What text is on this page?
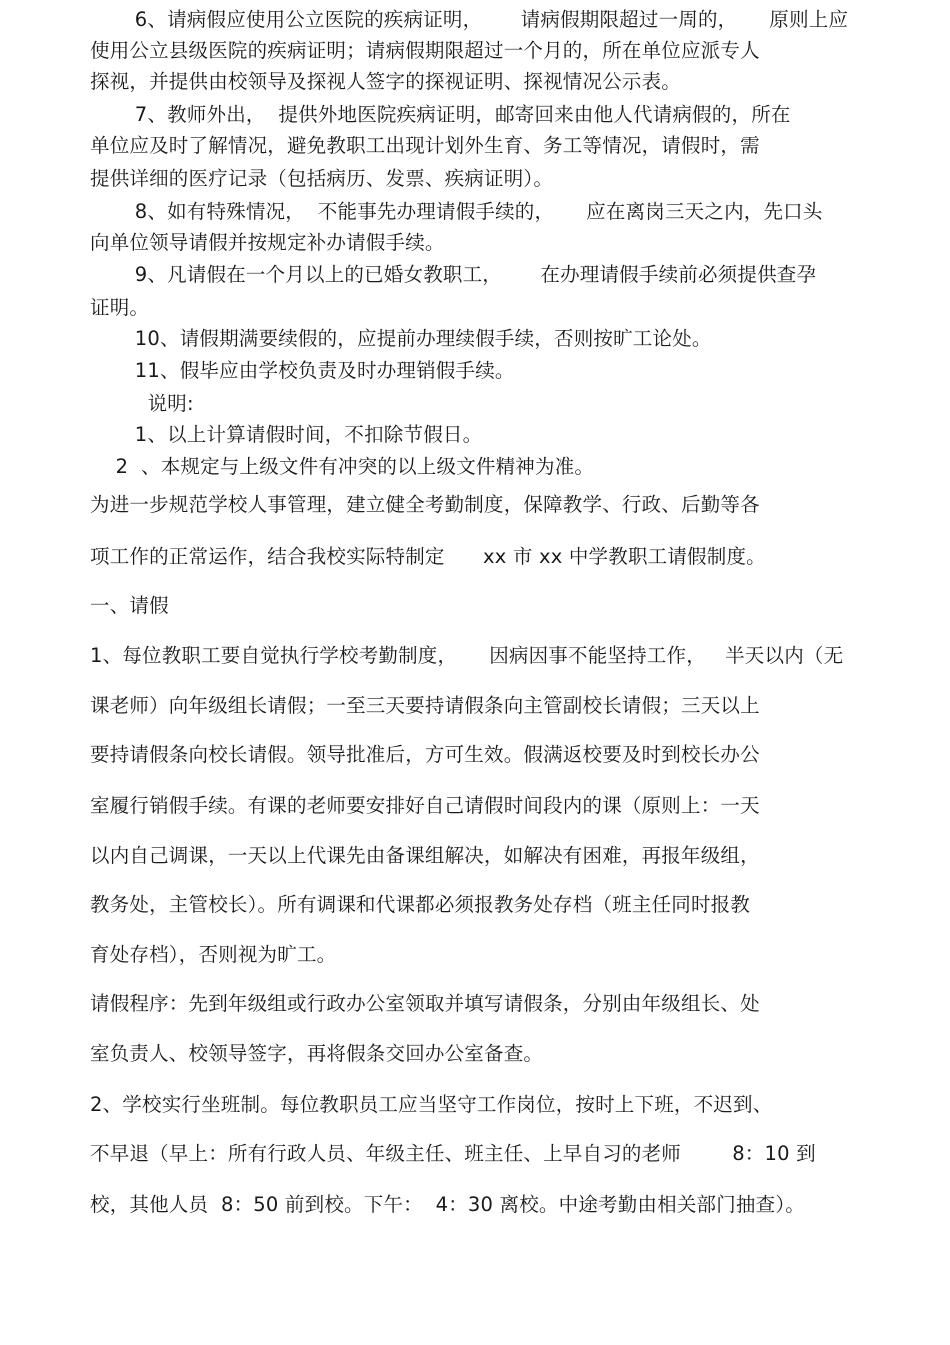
6、请病假应使用公立医院的疾病证明，      请病假期限超过一周的，     原则上应
使用公立县级医院的疾病证明；请病假期限超过一个月的，所在单位应派专人
探视，并提供由校领导及探视人签字的探视证明、探视情况公示表。
7、教师外出，  提供外地医院疾病证明，邮寄回来由他人代请病假的，所在
单位应及时了解情况，避免教职工出现计划外生育、务工等情况，请假时，需
提供详细的医疗记录（包括病历、发票、疾病证明）。
8、如有特殊情况，  不能事先办理请假手续的，     应在离岗三天之内，先口头
向单位领导请假并按规定补办请假手续。
9、凡请假在一个月以上的已婚女教职工，      在办理请假手续前必须提供查孕
证明。
10、请假期满要续假的，应提前办理续假手续，否则按旷工论处。
11、假毕应由学校负责及时办理销假手续。
说明:
1、以上计算请假时间，不扣除节假日。
2  、本规定与上级文件有冲突的以上级文件精神为准。
为进一步规范学校人事管理，建立健全考勤制度，保障教学、行政、后勤等各
项工作的正常运作，结合我校实际特制定      xx 市 xx 中学教职工请假制度。
一、请假
1、每位教职工要自觉执行学校考勤制度，     因病因事不能坚持工作，   半天以内（无
课老师）向年级组长请假；一至三天要持请假条向主管副校长请假；三天以上
要持请假条向校长请假。领导批准后，方可生效。假满返校要及时到校长办公
室履行销假手续。有课的老师要安排好自己请假时间段内的课（原则上：一天
以内自己调课，一天以上代课先由备课组解决，如解决有困难，再报年级组，
教务处，主管校长）。所有调课和代课都必须报教务处存档（班主任同时报教
育处存档），否则视为旷工。
请假程序：先到年级组或行政办公室领取并填写请假条，分别由年级组长、处
室负责人、校领导签字，再将假条交回办公室备查。
2、学校实行坐班制。每位教职员工应当坚守工作岗位，按时上下班，不迟到、
不早退（早上：所有行政人员、年级主任、班主任、上早自习的老师        8：10 到
校，其他人员  8：50 前到校。下午：  4：30 离校。中途考勤由相关部门抽查）。
